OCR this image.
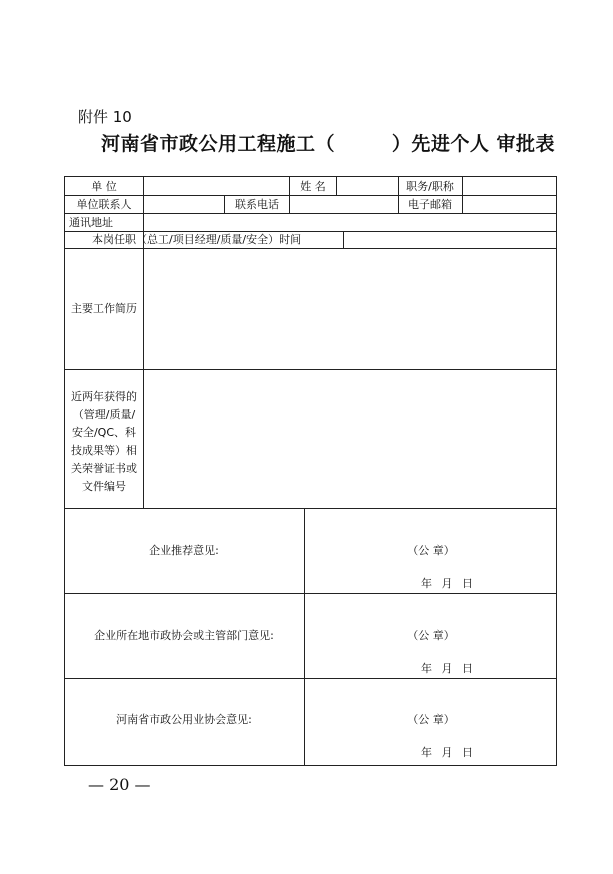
附件 10
河南省市政公用工程施工（        ）先进个人 审批表
单 位	姓 名	职务/职称
单位联系人	联系电话	电子邮箱
通讯地址
本岗任职（总工/项目经理/质量/安全）时间
主要工作简历
近两年获得的
（管理/质量/
安全/QC、科
技成果等）相
关荣誉证书或
文件编号
企业推荐意见:	（公 章）
年 月 日
企业所在地市政协会或主管部门意见:	（公 章）
年 月 日
河南省市政公用业协会意见:	（公 章）
年 月 日
— 20 —
